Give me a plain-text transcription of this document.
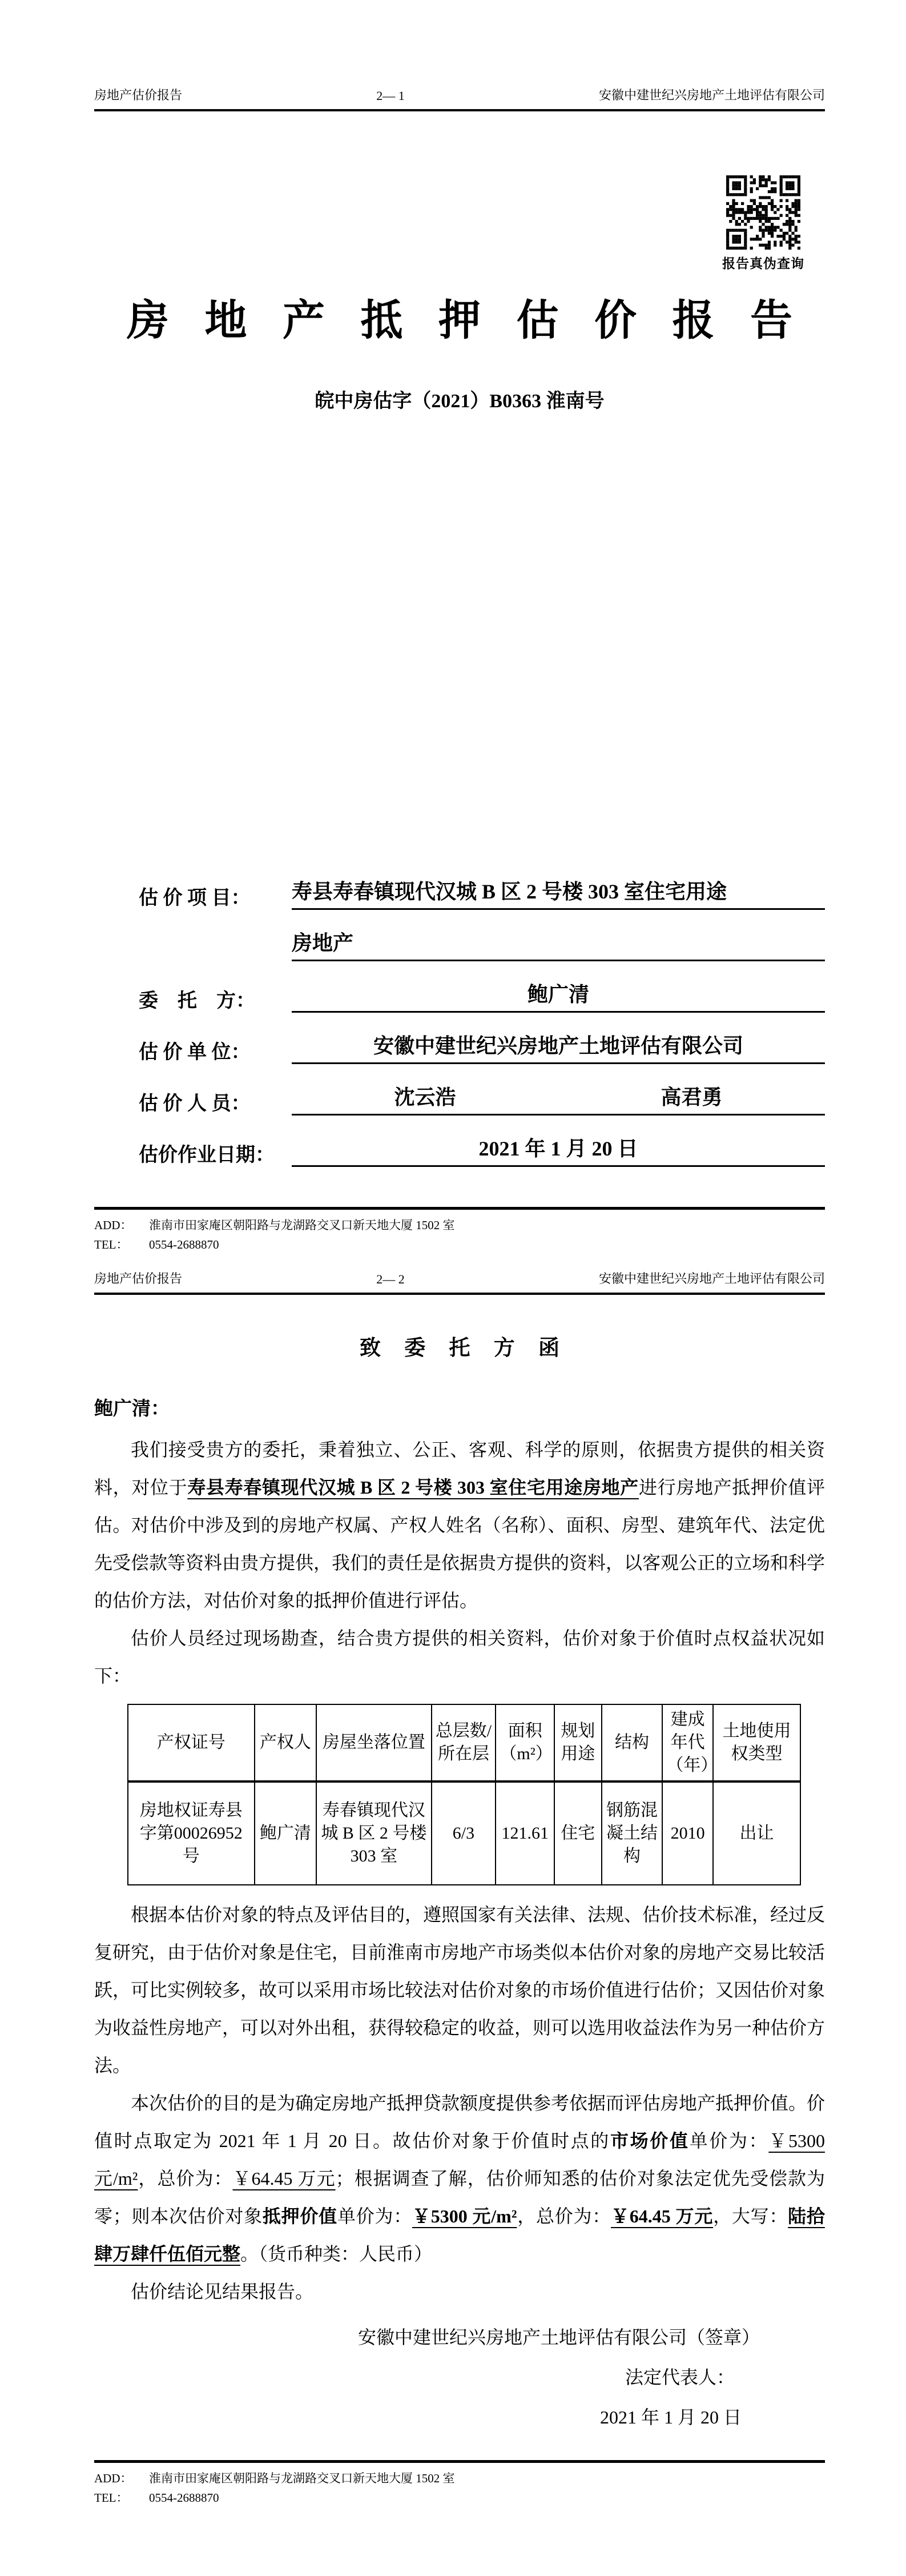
房地产估价报告	2— 1	安徽中建世纪兴房地产土地评估有限公司
报告真伪查询
房 地 产 抵 押 估 价 报 告
皖中房估字（2021）B0363 淮南号
估 价 项 目：	寿县寿春镇现代汉城 B 区 2 号楼 303 室住宅用途
房地产
委　托　方：	鲍广清
估 价 单 位：	安徽中建世纪兴房地产土地评估有限公司
估 价 人 员：	沈云浩	高君勇
估价作业日期：	2021 年 1 月 20 日
ADD：	淮南市田家庵区朝阳路与龙湖路交叉口新天地大厦 1502 室
TEL：	0554-2688870
房地产估价报告	2— 2	安徽中建世纪兴房地产土地评估有限公司
致 委 托 方 函
鲍广清：

我们接受贵方的委托，秉着独立、公正、客观、科学的原则，依据贵方提供的相关资料，对位于寿县寿春镇现代汉城 B 区 2 号楼 303 室住宅用途房地产进行房地产抵押价值评估。对估价中涉及到的房地产权属、产权人姓名（名称）、面积、房型、建筑年代、法定优先受偿款等资料由贵方提供，我们的责任是依据贵方提供的资料，以客观公正的立场和科学的估价方法，对估价对象的抵押价值进行评估。

估价人员经过现场勘查，结合贵方提供的相关资料，估价对象于价值时点权益状况如下：

产权证号	产权人	房屋坐落位置	总层数/所在层	面积（m²）	规划用途	结构	建成年代（年）	土地使用权类型
房地权证寿县字第00026952 号	鲍广清	寿春镇现代汉城 B 区 2 号楼 303 室	6/3	121.61	住宅	钢筋混凝土结构	2010	出让

根据本估价对象的特点及评估目的，遵照国家有关法律、法规、估价技术标准，经过反复研究，由于估价对象是住宅，目前淮南市房地产市场类似本估价对象的房地产交易比较活跃，可比实例较多，故可以采用市场比较法对估价对象的市场价值进行估价；又因估价对象为收益性房地产，可以对外出租，获得较稳定的收益，则可以选用收益法作为另一种估价方法。

本次估价的目的是为确定房地产抵押贷款额度提供参考依据而评估房地产抵押价值。价值时点取定为 2021 年 1 月 20 日。故估价对象于价值时点的市场价值单价为：￥5300 元/m²，总价为：￥64.45 万元；根据调查了解，估价师知悉的估价对象法定优先受偿款为零；则本次估价对象抵押价值单价为：￥5300 元/m²，总价为：￥64.45 万元，大写：陆拾肆万肆仟伍佰元整。（货币种类：人民币）

估价结论见结果报告。

安徽中建世纪兴房地产土地评估有限公司（签章）
法定代表人：
2021 年 1 月 20 日
ADD：	淮南市田家庵区朝阳路与龙湖路交叉口新天地大厦 1502 室
TEL：	0554-2688870
